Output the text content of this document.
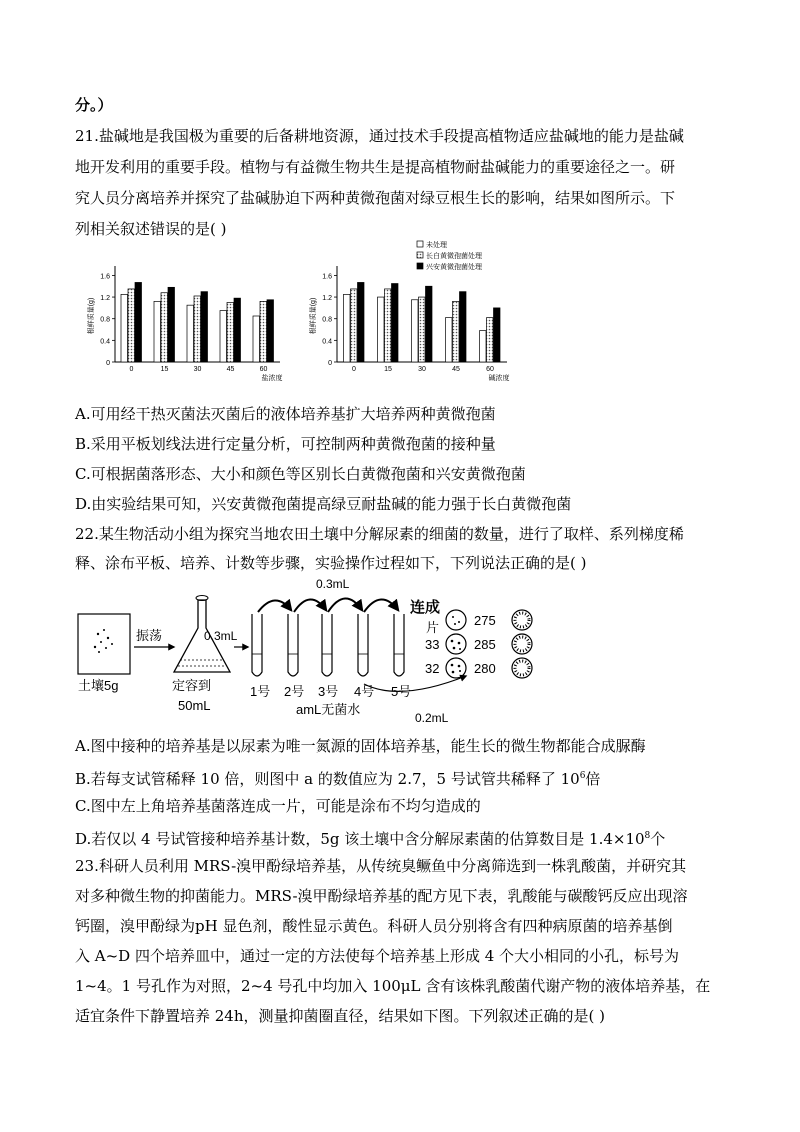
分。）
21.盐碱地是我国极为重要的后备耕地资源，通过技术手段提高植物适应盐碱地的能力是盐碱
地开发利用的重要手段。植物与有益微生物共生是提高植物耐盐碱能力的重要途径之一。研
究人员分离培养并探究了盐碱胁迫下两种黄微孢菌对绿豆根生长的影响，结果如图所示。下
列相关叙述错误的是( )
0
0.4
0.8
1.2
1.6
根鲜质量(g)
0	15	30	45	60
盐浓度
0
0.4
0.8
1.2
1.6
根鲜质量(g)
0	15	30	45	60
碱浓度
未处理
长白黄微孢菌处理
兴安黄微孢菌处理
A.可用经干热灭菌法灭菌后的液体培养基扩大培养两种黄微孢菌
B.采用平板划线法进行定量分析，可控制两种黄微孢菌的接种量
C.可根据菌落形态、大小和颜色等区别长白黄微孢菌和兴安黄微孢菌
D.由实验结果可知，兴安黄微孢菌提高绿豆耐盐碱的能力强于长白黄微孢菌
22.某生物活动小组为探究当地农田土壤中分解尿素的细菌的数量，进行了取样、系列梯度稀
释、涂布平板、培养、计数等步骤，实验操作过程如下，下列说法正确的是( )
土壤5g
振荡
定容到
50mL
0.3mL
0.3mL
1号 2号 3号 4号 5号
amL无菌水
0.2mL
连成
片
33
32
275
285
280
A.图中接种的培养基是以尿素为唯一氮源的固体培养基，能生长的微生物都能合成脲酶
B.若每支试管稀释 10 倍，则图中 a 的数值应为 2.7，5 号试管共稀释了 $10^6$倍
C.图中左上角培养基菌落连成一片，可能是涂布不均匀造成的
D.若仅以 4 号试管接种培养基计数，5g 该土壤中含分解尿素菌的估算数目是 $1.4\times 10^8$个
23.科研人员利用 MRS-溴甲酚绿培养基，从传统臭鳜鱼中分离筛选到一株乳酸菌，并研究其
对多种微生物的抑菌能力。MRS-溴甲酚绿培养基的配方见下表，乳酸能与碳酸钙反应出现溶
钙圈，溴甲酚绿为pH 显色剂，酸性显示黄色。科研人员分别将含有四种病原菌的培养基倒
入 A~D 四个培养皿中，通过一定的方法使每个培养基上形成 4 个大小相同的小孔，标号为
1~4。1 号孔作为对照，2~4 号孔中均加入 100μL 含有该株乳酸菌代谢产物的液体培养基，在
适宜条件下静置培养 24h，测量抑菌圈直径，结果如下图。下列叙述正确的是( )
